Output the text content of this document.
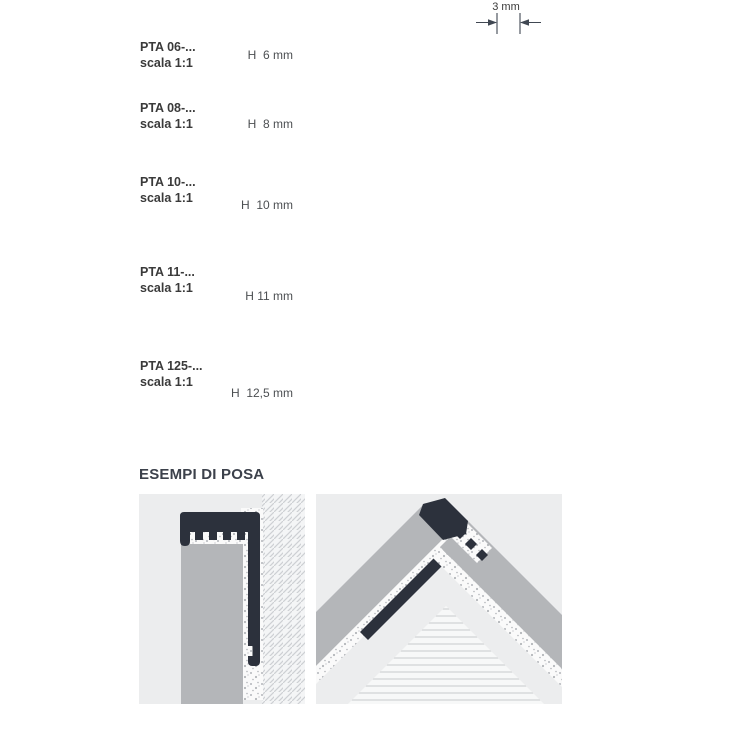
3 mm
PTA 06-...
scala 1:1
H  6 mm
PTA 08-...
scala 1:1	H  8 mm
PTA 10-...
scala 1:1	H  10 mm
PTA 11-...
scala 1:1
H 11 mm
PTA 125-...
scala 1:1
H  12,5 mm
ESEMPI DI POSA
